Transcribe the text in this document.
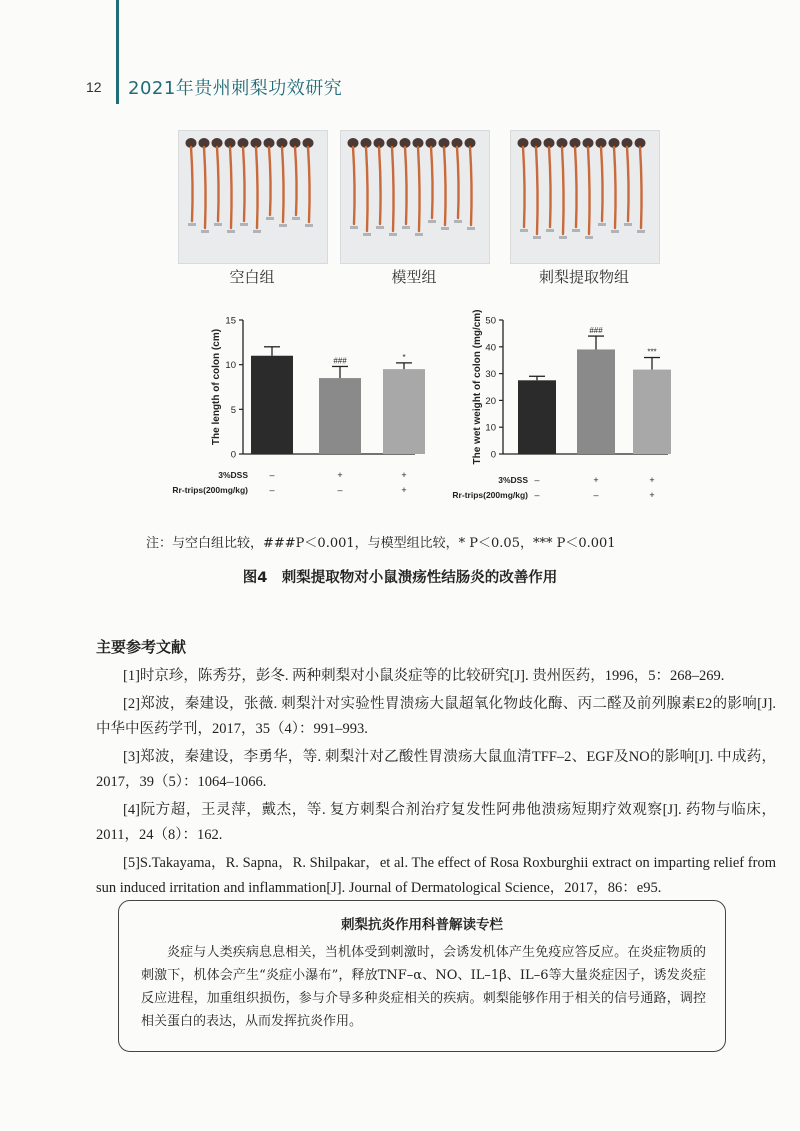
12 2021年贵州刺梨功效研究
空白组	模型组	刺梨提取物组
0
5
10
15
The length of colon (cm)	###	*
3%DSS –	+	+
Rr-trips(200mg/kg) –	–	+
0
10
20
30
40
50
The wet weight of colon (mg/cm)	###
***
3%DSS –	+	+
Rr-trips(200mg/kg) –	–	+
注：与空白组比较，###P＜0.001，与模型组比较，* P＜0.05，*** P＜0.001
图4　刺梨提取物对小鼠溃疡性结肠炎的改善作用
主要参考文献

[1]时京珍，陈秀芬，彭冬. 两种刺梨对小鼠炎症等的比较研究[J]. 贵州医药，1996，5：268–269.

[2]郑波，秦建设，张薇. 刺梨汁对实验性胃溃疡大鼠超氧化物歧化酶、丙二醛及前列腺素E2的影响[J]. 中华中医药学刊，2017，35（4）：991–993.

[3]郑波，秦建设，李勇华，等. 刺梨汁对乙酸性胃溃疡大鼠血清TFF–2、EGF及NO的影响[J]. 中成药，2017，39（5）：1064–1066.

[4]阮方超，王灵萍，戴杰，等. 复方刺梨合剂治疗复发性阿弗他溃疡短期疗效观察[J]. 药物与临床，2011，24（8）：162.

[5]S.Takayama，R. Sapna，R. Shilpakar，et al. The effect of Rosa Roxburghii extract on imparting relief from sun induced irritation and inflammation[J]. Journal of Dermatological Science，2017，86：e95.

刺梨抗炎作用科普解读专栏
炎症与人类疾病息息相关，当机体受到刺激时，会诱发机体产生免疫应答反应。在炎症物质的刺激下，机体会产生“炎症小瀑布”，释放TNF–α、NO、IL–1β、IL–6等大量炎症因子，诱发炎症反应进程，加重组织损伤，参与介导多种炎症相关的疾病。刺梨能够作用于相关的信号通路，调控相关蛋白的表达，从而发挥抗炎作用。
